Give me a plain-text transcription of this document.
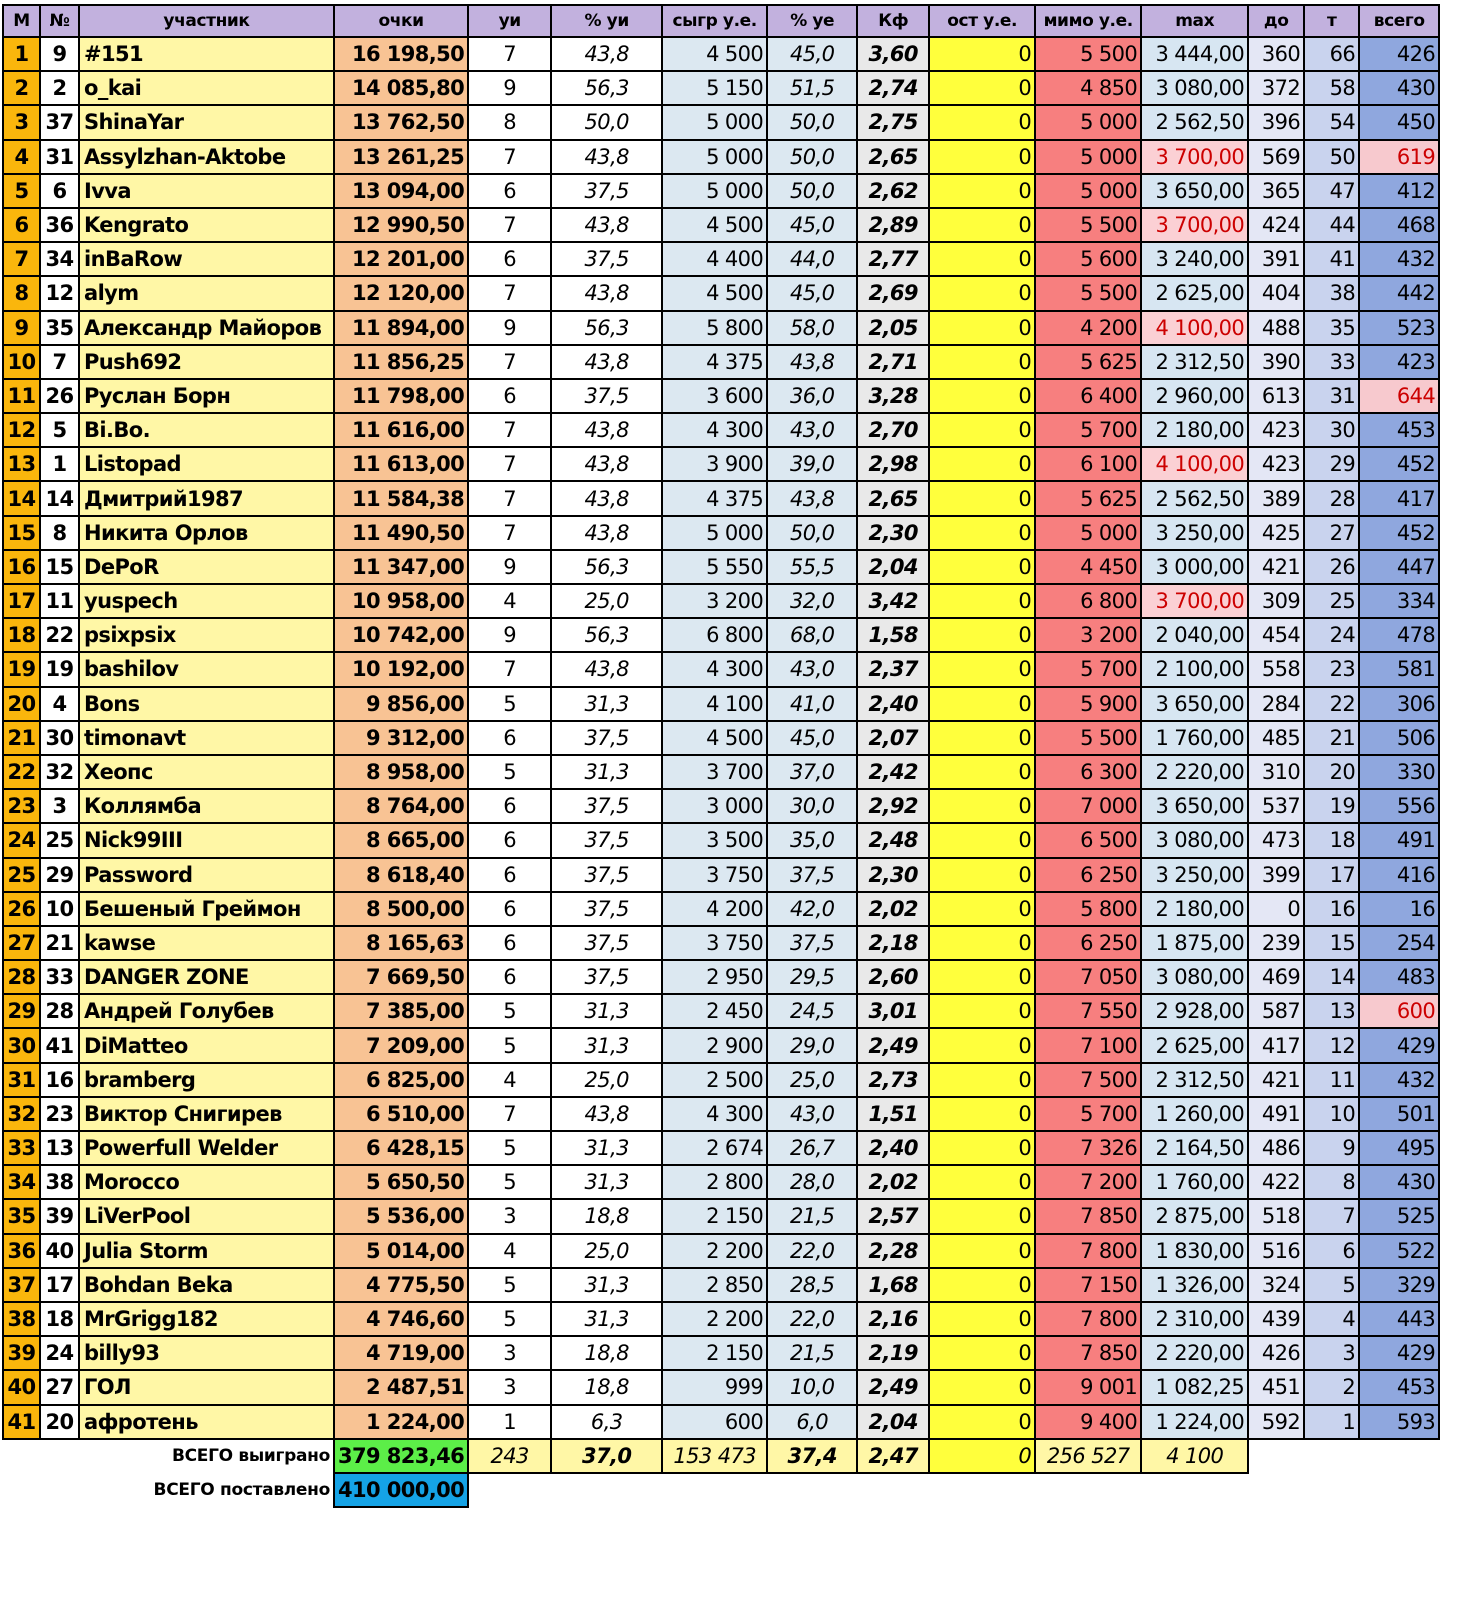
М	№	участник	очки	уи	% уи	сыгр у.е.	% уе	Кф	ост у.е.	мимо у.е.	max	до	т	всего
1	9	#151	16 198,50	7	43,8	4 500	45,0	3,60	0	5 500	3 444,00	360	66	426
2	2	o_kai	14 085,80	9	56,3	5 150	51,5	2,74	0	4 850	3 080,00	372	58	430
3	37	ShinaYar	13 762,50	8	50,0	5 000	50,0	2,75	0	5 000	2 562,50	396	54	450
4	31	Assylzhan-Aktobe	13 261,25	7	43,8	5 000	50,0	2,65	0	5 000	3 700,00	569	50	619
5	6	Ivva	13 094,00	6	37,5	5 000	50,0	2,62	0	5 000	3 650,00	365	47	412
6	36	Kengrato	12 990,50	7	43,8	4 500	45,0	2,89	0	5 500	3 700,00	424	44	468
7	34	inBaRow	12 201,00	6	37,5	4 400	44,0	2,77	0	5 600	3 240,00	391	41	432
8	12	alym	12 120,00	7	43,8	4 500	45,0	2,69	0	5 500	2 625,00	404	38	442
9	35	Александр Майоров	11 894,00	9	56,3	5 800	58,0	2,05	0	4 200	4 100,00	488	35	523
10	7	Push692	11 856,25	7	43,8	4 375	43,8	2,71	0	5 625	2 312,50	390	33	423
11	26	Руслан Борн	11 798,00	6	37,5	3 600	36,0	3,28	0	6 400	2 960,00	613	31	644
12	5	Bi.Bo.	11 616,00	7	43,8	4 300	43,0	2,70	0	5 700	2 180,00	423	30	453
13	1	Listopad	11 613,00	7	43,8	3 900	39,0	2,98	0	6 100	4 100,00	423	29	452
14	14	Дмитрий1987	11 584,38	7	43,8	4 375	43,8	2,65	0	5 625	2 562,50	389	28	417
15	8	Никита Орлов	11 490,50	7	43,8	5 000	50,0	2,30	0	5 000	3 250,00	425	27	452
16	15	DePoR	11 347,00	9	56,3	5 550	55,5	2,04	0	4 450	3 000,00	421	26	447
17	11	yuspech	10 958,00	4	25,0	3 200	32,0	3,42	0	6 800	3 700,00	309	25	334
18	22	psixpsix	10 742,00	9	56,3	6 800	68,0	1,58	0	3 200	2 040,00	454	24	478
19	19	bashilov	10 192,00	7	43,8	4 300	43,0	2,37	0	5 700	2 100,00	558	23	581
20	4	Bons	9 856,00	5	31,3	4 100	41,0	2,40	0	5 900	3 650,00	284	22	306
21	30	timonavt	9 312,00	6	37,5	4 500	45,0	2,07	0	5 500	1 760,00	485	21	506
22	32	Хеопс	8 958,00	5	31,3	3 700	37,0	2,42	0	6 300	2 220,00	310	20	330
23	3	Коллямба	8 764,00	6	37,5	3 000	30,0	2,92	0	7 000	3 650,00	537	19	556
24	25	Nick99III	8 665,00	6	37,5	3 500	35,0	2,48	0	6 500	3 080,00	473	18	491
25	29	Password	8 618,40	6	37,5	3 750	37,5	2,30	0	6 250	3 250,00	399	17	416
26	10	Бешеный Греймон	8 500,00	6	37,5	4 200	42,0	2,02	0	5 800	2 180,00	0	16	16
27	21	kawse	8 165,63	6	37,5	3 750	37,5	2,18	0	6 250	1 875,00	239	15	254
28	33	DANGER ZONE	7 669,50	6	37,5	2 950	29,5	2,60	0	7 050	3 080,00	469	14	483
29	28	Андрей Голубев	7 385,00	5	31,3	2 450	24,5	3,01	0	7 550	2 928,00	587	13	600
30	41	DiMatteo	7 209,00	5	31,3	2 900	29,0	2,49	0	7 100	2 625,00	417	12	429
31	16	bramberg	6 825,00	4	25,0	2 500	25,0	2,73	0	7 500	2 312,50	421	11	432
32	23	Виктор Снигирев	6 510,00	7	43,8	4 300	43,0	1,51	0	5 700	1 260,00	491	10	501
33	13	Powerfull Welder	6 428,15	5	31,3	2 674	26,7	2,40	0	7 326	2 164,50	486	9	495
34	38	Morocco	5 650,50	5	31,3	2 800	28,0	2,02	0	7 200	1 760,00	422	8	430
35	39	LiVerPool	5 536,00	3	18,8	2 150	21,5	2,57	0	7 850	2 875,00	518	7	525
36	40	Julia Storm	5 014,00	4	25,0	2 200	22,0	2,28	0	7 800	1 830,00	516	6	522
37	17	Bohdan Beka	4 775,50	5	31,3	2 850	28,5	1,68	0	7 150	1 326,00	324	5	329
38	18	MrGrigg182	4 746,60	5	31,3	2 200	22,0	2,16	0	7 800	2 310,00	439	4	443
39	24	billy93	4 719,00	3	18,8	2 150	21,5	2,19	0	7 850	2 220,00	426	3	429
40	27	ГОЛ	2 487,51	3	18,8	999	10,0	2,49	0	9 001	1 082,25	451	2	453
41	20	афротень	1 224,00	1	6,3	600	6,0	2,04	0	9 400	1 224,00	592	1	593
ВСЕГО выиграно			379 823,46	243	37,0	153 473	37,4	2,47	0	256 527	4 100			
ВСЕГО поставлено			410 000,00											
